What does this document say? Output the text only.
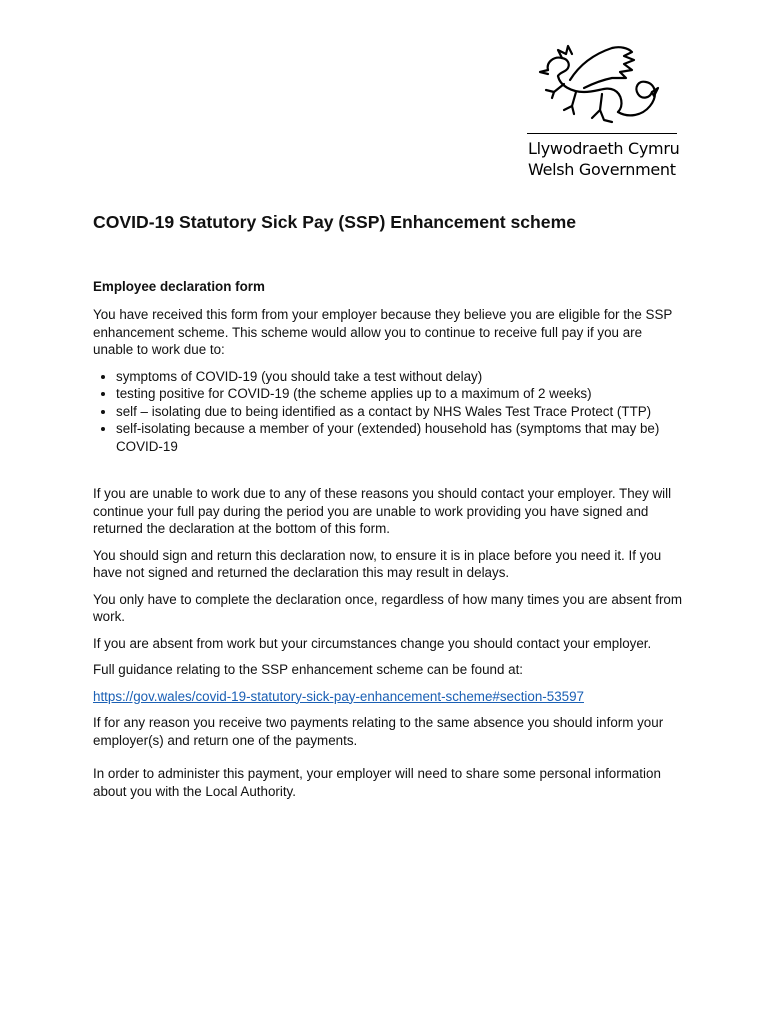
Llywodraeth Cymru
Welsh Government
COVID-19 Statutory Sick Pay (SSP) Enhancement scheme
Employee declaration form

You have received this form from your employer because they believe you are eligible for the SSP enhancement scheme. This scheme would allow you to continue to receive full pay if you are unable to work due to:

• symptoms of COVID-19 (you should take a test without delay)
• testing positive for COVID-19 (the scheme applies up to a maximum of 2 weeks)
• self – isolating due to being identified as a contact by NHS Wales Test Trace Protect (TTP)
• self-isolating because a member of your (extended) household has (symptoms that may be) COVID-19

If you are unable to work due to any of these reasons you should contact your employer. They will continue your full pay during the period you are unable to work providing you have signed and returned the declaration at the bottom of this form.

You should sign and return this declaration now, to ensure it is in place before you need it. If you have not signed and returned the declaration this may result in delays.

You only have to complete the declaration once, regardless of how many times you are absent from work.

If you are absent from work but your circumstances change you should contact your employer.

Full guidance relating to the SSP enhancement scheme can be found at:

https://gov.wales/covid-19-statutory-sick-pay-enhancement-scheme#section-53597

If for any reason you receive two payments relating to the same absence you should inform your employer(s) and return one of the payments.

In order to administer this payment, your employer will need to share some personal information about you with the Local Authority.
